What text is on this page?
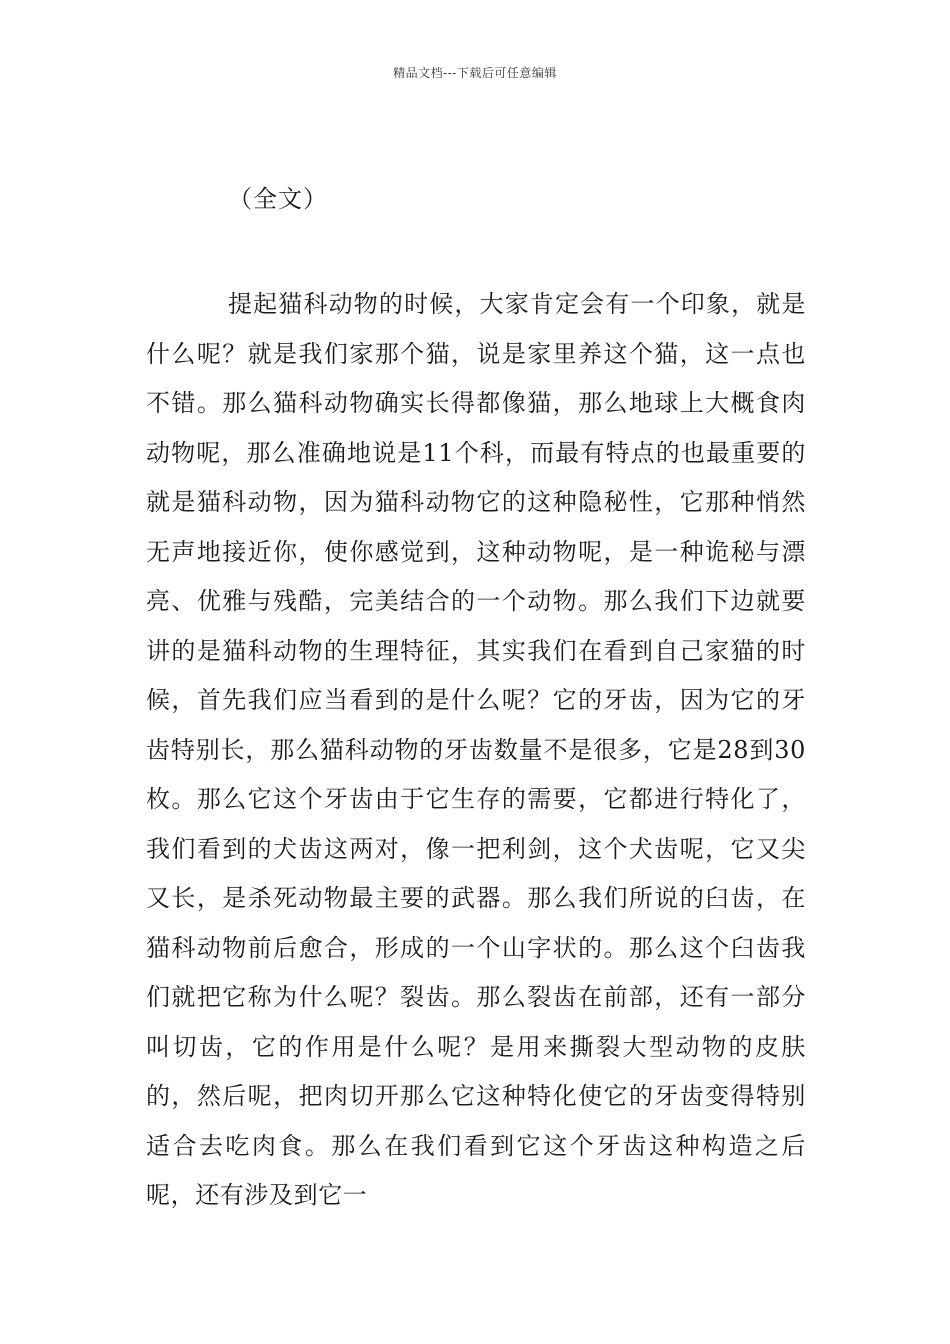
精品文档---下载后可任意编辑
（全文）

提起猫科动物的时候，大家肯定会有一个印象，就是什么呢？就是我们家那个猫，说是家里养这个猫，这一点也不错。那么猫科动物确实长得都像猫，那么地球上大概食肉动物呢，那么准确地说是11个科，而最有特点的也最重要的就是猫科动物，因为猫科动物它的这种隐秘性，它那种悄然无声地接近你，使你感觉到，这种动物呢，是一种诡秘与漂亮、优雅与残酷，完美结合的一个动物。那么我们下边就要讲的是猫科动物的生理特征，其实我们在看到自己家猫的时候，首先我们应当看到的是什么呢？它的牙齿，因为它的牙齿特别长，那么猫科动物的牙齿数量不是很多，它是28到30枚。那么它这个牙齿由于它生存的需要，它都进行特化了，我们看到的犬齿这两对，像一把利剑，这个犬齿呢，它又尖又长，是杀死动物最主要的武器。那么我们所说的臼齿，在猫科动物前后愈合，形成的一个山字状的。那么这个臼齿我们就把它称为什么呢？裂齿。那么裂齿在前部，还有一部分叫切齿，它的作用是什么呢？是用来撕裂大型动物的皮肤的，然后呢，把肉切开那么它这种特化使它的牙齿变得特别适合去吃肉食。那么在我们看到它这个牙齿这种构造之后呢，还有涉及到它一
